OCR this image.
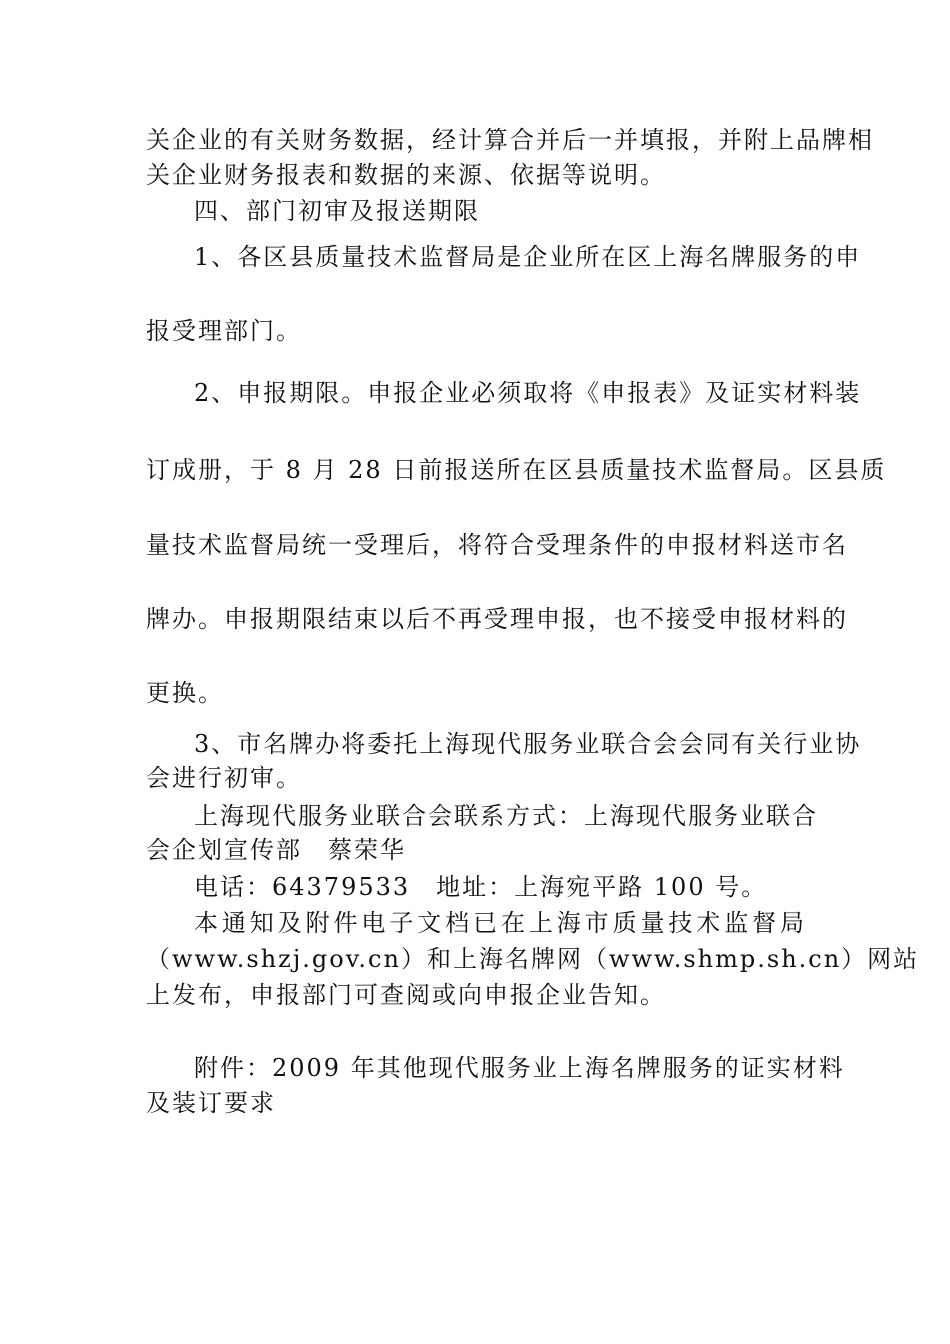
关企业的有关财务数据，经计算合并后一并填报，并附上品牌相
关企业财务报表和数据的来源、依据等说明。
四、部门初审及报送期限
1、各区县质量技术监督局是企业所在区上海名牌服务的申
报受理部门。
2、申报期限。申报企业必须取将《申报表》及证实材料装
订成册，于 8 月 28 日前报送所在区县质量技术监督局。区县质
量技术监督局统一受理后，将符合受理条件的申报材料送市名
牌办。申报期限结束以后不再受理申报，也不接受申报材料的
更换。
3、市名牌办将委托上海现代服务业联合会会同有关行业协
会进行初审。
上海现代服务业联合会联系方式：上海现代服务业联合
会企划宣传部　蔡荣华
电话：64379533　地址：上海宛平路 100 号。
本通知及附件电子文档已在上海市质量技术监督局
（www.shzj.gov.cn）和上海名牌网（www.shmp.sh.cn）网站
上发布，申报部门可查阅或向申报企业告知。
附件：2009 年其他现代服务业上海名牌服务的证实材料
及装订要求
